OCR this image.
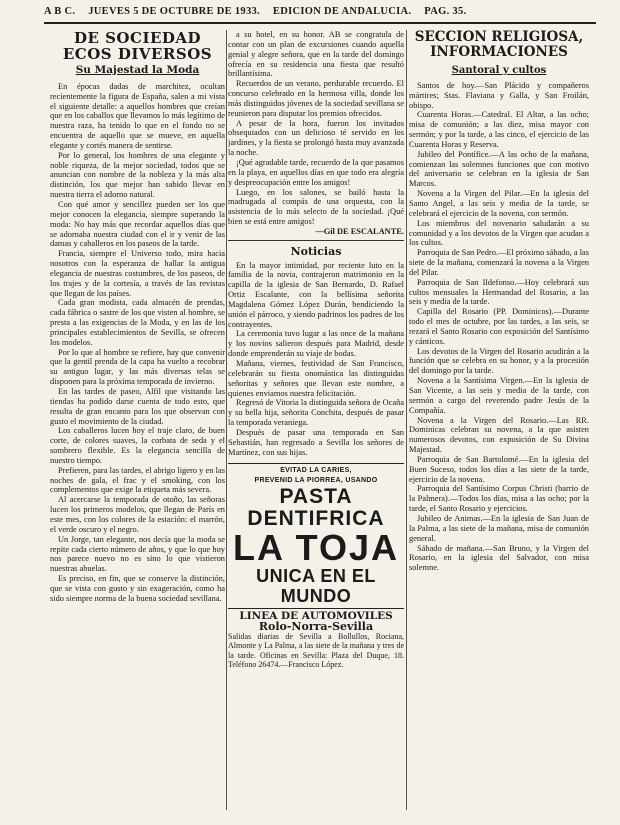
A B C. JUEVES 5 DE OCTUBRE DE 1933. EDICION DE ANDALUCIA. PAG. 35.
DE SOCIEDAD
ECOS DIVERSOS
Su Majestad la Moda

En épocas dadas de marchitez, ocultan recientemente la figura de España, salen a mi vista el siguiente detalle: a aquellos hombres que creían que en los caballos que llevamos lo más legítimo de nuestra raza, ha tenido lo que en el fondo no se encuentra de aquello que se mueve, en aquella elegante y cortés manera de sentirse.

Por lo general, los hombres de una elegante y noble riqueza, de la mejor sociedad, todos que se anuncian con nombre de la nobleza y la más alta distinción, los que mejor han sabido llevar en nuestra tierra el adorno natural.

Con qué amor y sencillez pueden ser los que mejor conocen la elegancia, siempre superando la moda: No hay más que recordar aquellos días que se adornaba nuestra ciudad con el ir y venir de las damas y caballeros en los paseos de la tarde.

Francia, siempre el Universo todo, mira hacia nosotros con la esperanza de hallar la antigua elegancia de nuestras costumbres, de los paseos, de los trajes y de la cortesía, a través de las revistas que llegan de los países.

Cada gran modista, cada almacén de prendas, cada fábrica o sastre de los que visten al hombre, se presta a las exigencias de la Moda, y en las de los principales establecimientos de Sevilla, se ofrecen los modelos.

Por lo que al hombre se refiere, hay que convenir que la gentil prenda de la capa ha vuelto a recobrar su antiguo lugar, y las más diversas telas se disponen para la próxima temporada de invierno.

En las tardes de paseo, Alfil que visitando las tiendas ha podido darse cuenta de todo esto, que resulta de gran encanto para los que observan con gusto el movimiento de la ciudad.

Los caballeros lucen hoy el traje claro, de buen corte, de colores suaves, la corbata de seda y el sombrero flexible. Es la elegancia sencilla de nuestro tiempo.

Prefieren, para las tardes, el abrigo ligero y en las noches de gala, el frac y el smoking, con los complementos que exige la etiqueta más severa.

Al acercarse la temporada de otoño, las señoras lucen los primeros modelos, que llegan de París en este mes, con los colores de la estación: el marrón, el verde oscuro y el negro.

Un Jorge, tan elegante, nos decía que la moda se repite cada cierto número de años, y que lo que hoy nos parece nuevo no es sino lo que vistieron nuestras abuelas.

Es preciso, en fin, que se conserve la distinción, que se vista con gusto y sin exageración, como ha sido siempre norma de la buena sociedad sevillana.

a su hotel, en su honor. AB se congratula de contar con un plan de excursiones cuando aquella genial y alegre señora, que en la tarde del domingo ofrecía en su residencia una fiesta que resultó brillantísima.

Recuerdos de un verano, perdurable recuerdo. El concurso celebrado en la hermosa villa, donde los más distinguidos jóvenes de la sociedad sevillana se reunieron para disputar los premios ofrecidos.

A pesar de la hora, fueron los invitados obsequiados con un delicioso té servido en los jardines, y la fiesta se prolongó hasta muy avanzada la noche.

¡Qué agradable tarde, recuerdo de la que pasamos en la playa, en aquellos días en que todo era alegría y despreocupación entre los amigos!

Luego, en los salones, se bailó hasta la madrugada al compás de una orquesta, con la asistencia de lo más selecto de la sociedad. ¡Qué bien se está entre amigos!

—Gil DE ESCALANTE.

Noticias

En la mayor intimidad, por reciente luto en la familia de la novia, contrajeron matrimonio en la capilla de la iglesia de San Bernardo, D. Rafael Ortiz Escalante, con la bellísima señorita Magdalena Gómez López Durán, bendiciendo la unión el párroco, y siendo padrinos los padres de los contrayentes.

La ceremonia tuvo lugar a las once de la mañana y los novios salieron después para Madrid, desde donde emprenderán su viaje de bodas.

Mañana, viernes, festividad de San Francisco, celebrarán su fiesta onomástica las distinguidas señoritas y señores que llevan este nombre, a quienes enviamos nuestra felicitación.

Regresó de Vitoria la distinguida señora de Ocaña y su bella hija, señorita Conchita, después de pasar la temporada veraniega.

Después de pasar una temporada en San Sebastián, han regresado a Sevilla los señores de Martínez, con sus hijas.

EVITAD LA CARIES,
PREVENID LA PIORREA, USANDO
PASTA DENTIFRICA
LA TOJA
UNICA EN EL MUNDO
LINEA DE AUTOMOVILES
Rolo-Norra-Sevilla
Salidas diarias de Sevilla a Bollullos, Rociana, Almonte y La Palma, a las siete de la mañana y tres de la tarde. Oficinas en Sevilla: Plaza del Duque, 18. Teléfono 26474.—Francisco López.
SECCION RELIGIOSA,
INFORMACIONES
Santoral y cultos

Santos de hoy.—San Plácido y compañeros mártires; Stas. Flaviana y Galla, y San Froilán, obispo.

Cuarenta Horas.—Catedral. El Altar, a las ocho; misa de comunión; a las diez, misa mayor con sermón; y por la tarde, a las cinco, el ejercicio de las Cuarenta Horas y Reserva.

Jubileo del Pontífice.—A las ocho de la mañana, comienzan las solemnes funciones que con motivo del aniversario se celebran en la iglesia de San Marcos.

Novena a la Virgen del Pilar.—En la iglesia del Santo Angel, a las seis y media de la tarde, se celebrará el ejercicio de la novena, con sermón.

Los miembros del novenario saludarán a su comunidad y a los devotos de la Virgen que acudan a los cultos.

Parroquia de San Pedro.—El próximo sábado, a las siete de la mañana, comenzará la novena a la Virgen del Pilar.

Parroquia de San Ildefonso.—Hoy celebrará sus cultos mensuales la Hermandad del Rosario, a las seis y media de la tarde.

Capilla del Rosario (PP. Dominicos).—Durante todo el mes de octubre, por las tardes, a las seis, se rezará el Santo Rosario con exposición del Santísimo y cánticos.

Los devotos de la Virgen del Rosario acudirán a la función que se celebra en su honor, y a la procesión del domingo por la tarde.

Novena a la Santísima Virgen.—En la iglesia de San Vicente, a las seis y media de la tarde, con sermón a cargo del reverendo padre Jesús de la Compañía.

Novena a la Virgen del Rosario.—Las RR. Dominicas celebran su novena, a la que asisten numerosos devotos, con exposición de Su Divina Majestad.

Parroquia de San Bartolomé.—En la iglesia del Buen Suceso, todos los días a las siete de la tarde, ejercicio de la novena.

Parroquia del Santísimo Corpus Christi (barrio de la Palmera).—Todos los días, misa a las ocho; por la tarde, el Santo Rosario y ejercicios.

Jubileo de Animas.—En la iglesia de San Juan de la Palma, a las siete de la mañana, misa de comunión general.

Sábado de mañana.—San Bruno, y la Virgen del Rosario, en la iglesia del Salvador, con misa solemne.
